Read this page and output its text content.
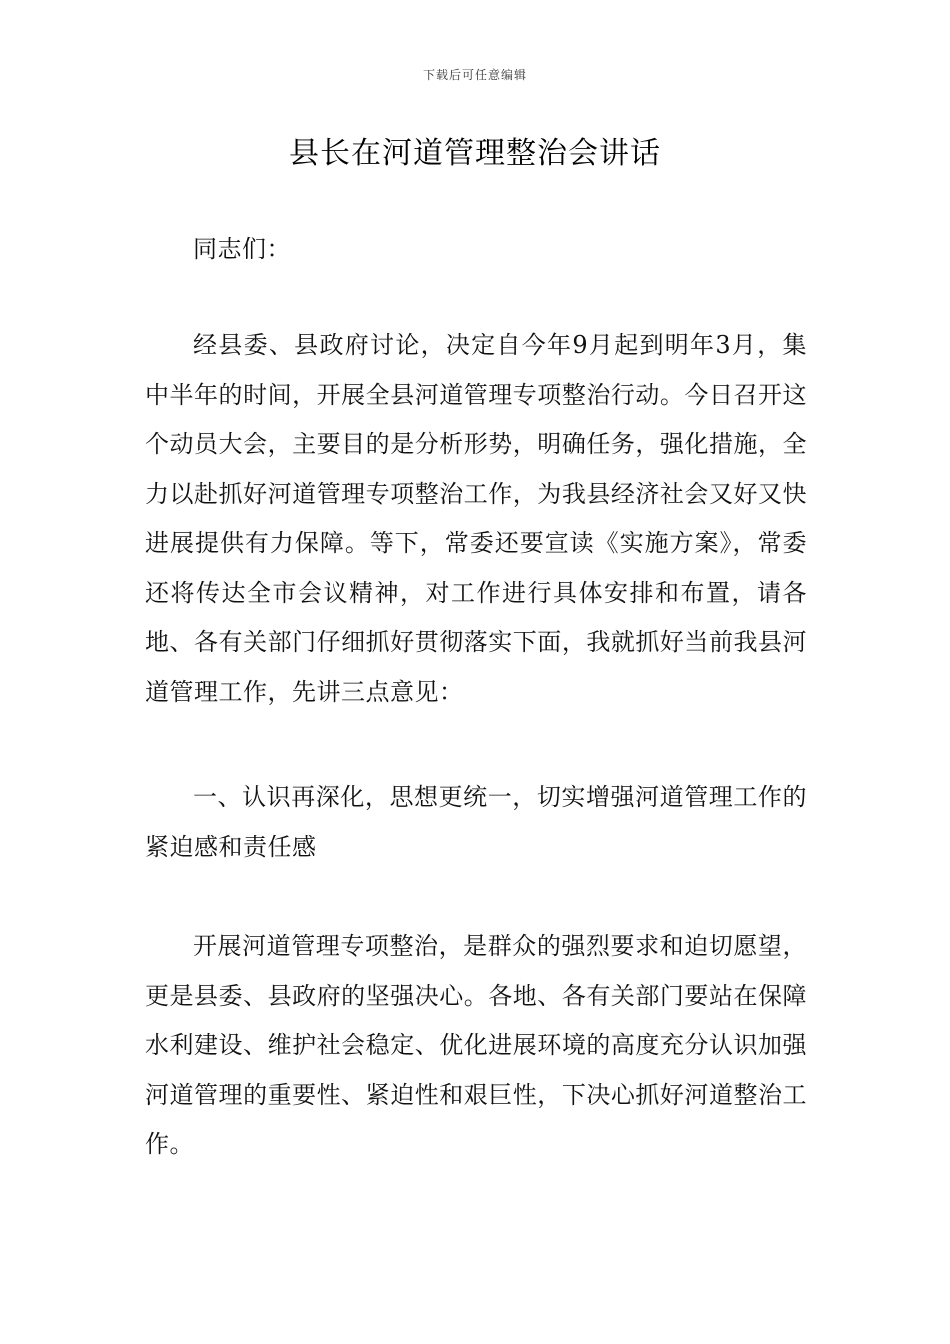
下载后可任意编辑
县长在河道管理整治会讲话

同志们：

经县委、县政府讨论，决定自今年9月起到明年3月，集中半年的时间，开展全县河道管理专项整治行动。今日召开这个动员大会，主要目的是分析形势，明确任务，强化措施，全力以赴抓好河道管理专项整治工作，为我县经济社会又好又快进展提供有力保障。等下，常委还要宣读《实施方案》，常委还将传达全市会议精神，对工作进行具体安排和布置，请各地、各有关部门仔细抓好贯彻落实下面，我就抓好当前我县河道管理工作，先讲三点意见：

一、认识再深化，思想更统一，切实增强河道管理工作的紧迫感和责任感

开展河道管理专项整治，是群众的强烈要求和迫切愿望，更是县委、县政府的坚强决心。各地、各有关部门要站在保障水利建设、维护社会稳定、优化进展环境的高度充分认识加强河道管理的重要性、紧迫性和艰巨性，下决心抓好河道整治工作。
